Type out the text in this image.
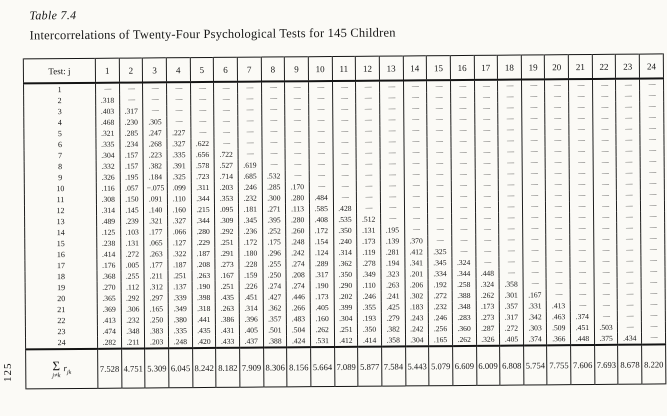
Table 7.4
Intercorrelations of Twenty-Four Psychological Tests for 145 Children
Test: j	1	2	3	4	5	6	7	8	9	10	11	12	13	14	15	16	17	18	19	20	21	22	23	24
1	—	—	—	—	—	—	—	—	—	—	—	—	—	—	—	—	—	—	—	—	—	—	—	—
2	.318	—	—	—	—	—	—	—	—	—	—	—	—	—	—	—	—	—	—	—	—	—	—	—
3	.403	.317	—	—	—	—	—	—	—	—	—	—	—	—	—	—	—	—	—	—	—	—	—	—
4	.468	.230	.305	—	—	—	—	—	—	—	—	—	—	—	—	—	—	—	—	—	—	—	—	—
5	.321	.285	.247	.227	—	—	—	—	—	—	—	—	—	—	—	—	—	—	—	—	—	—	—	—
6	.335	.234	.268	.327	.622	—	—	—	—	—	—	—	—	—	—	—	—	—	—	—	—	—	—	—
7	.304	.157	.223	.335	.656	.722	—	—	—	—	—	—	—	—	—	—	—	—	—	—	—	—	—	—
8	.332	.157	.382	.391	.578	.527	.619	—	—	—	—	—	—	—	—	—	—	—	—	—	—	—	—	—
9	.326	.195	.184	.325	.723	.714	.685	.532	—	—	—	—	—	—	—	—	—	—	—	—	—	—	—	—
10	.116	.057	−.075	.099	.311	.203	.246	.285	.170	—	—	—	—	—	—	—	—	—	—	—	—	—	—	—
11	.308	.150	.091	.110	.344	.353	.232	.300	.280	.484	—	—	—	—	—	—	—	—	—	—	—	—	—	—
12	.314	.145	.140	.160	.215	.095	.181	.271	.113	.585	.428	—	—	—	—	—	—	—	—	—	—	—	—	—
13	.489	.239	.321	.327	.344	.309	.345	.395	.280	.408	.535	.512	—	—	—	—	—	—	—	—	—	—	—	—
14	.125	.103	.177	.066	.280	.292	.236	.252	.260	.172	.350	.131	.195	—	—	—	—	—	—	—	—	—	—	—
15	.238	.131	.065	.127	.229	.251	.172	.175	.248	.154	.240	.173	.139	.370	—	—	—	—	—	—	—	—	—	—
16	.414	.272	.263	.322	.187	.291	.180	.296	.242	.124	.314	.119	.281	.412	.325	—	—	—	—	—	—	—	—	—
17	.176	.005	.177	.187	.208	.273	.228	.255	.274	.289	.362	.278	.194	.341	.345	.324	—	—	—	—	—	—	—	—
18	.368	.255	.211	.251	.263	.167	.159	.250	.208	.317	.350	.349	.323	.201	.334	.344	.448	—	—	—	—	—	—	—
19	.270	.112	.312	.137	.190	.251	.226	.274	.274	.190	.290	.110	.263	.206	.192	.258	.324	.358	—	—	—	—	—	—
20	.365	.292	.297	.339	.398	.435	.451	.427	.446	.173	.202	.246	.241	.302	.272	.388	.262	.301	.167	—	—	—	—	—
21	.369	.306	.165	.349	.318	.263	.314	.362	.266	.405	.399	.355	.425	.183	.232	.348	.173	.357	.331	.413	—	—	—	—
22	.413	.232	.250	.380	.441	.386	.396	.357	.483	.160	.304	.193	.279	.243	.246	.283	.273	.317	.342	.463	.374	—	—	—
23	.474	.348	.383	.335	.435	.431	.405	.501	.504	.262	.251	.350	.382	.242	.256	.360	.287	.272	.303	.509	.451	.503	—	—
24	.282	.211	.203	.248	.420	.433	.437	.388	.424	.531	.412	.414	.358	.304	.165	.262	.326	.405	.374	.366	.448	.375	.434	—

Σ
j≠k
$r_{jk}$	7.528	4.751	5.309	6.045	8.242	8.182	7.909	8.306	8.156	5.664	7.089	5.877	7.584	5.443	5.079	6.609	6.009	6.808	5.754	7.755	7.606	7.693	8.678	8.220
125
